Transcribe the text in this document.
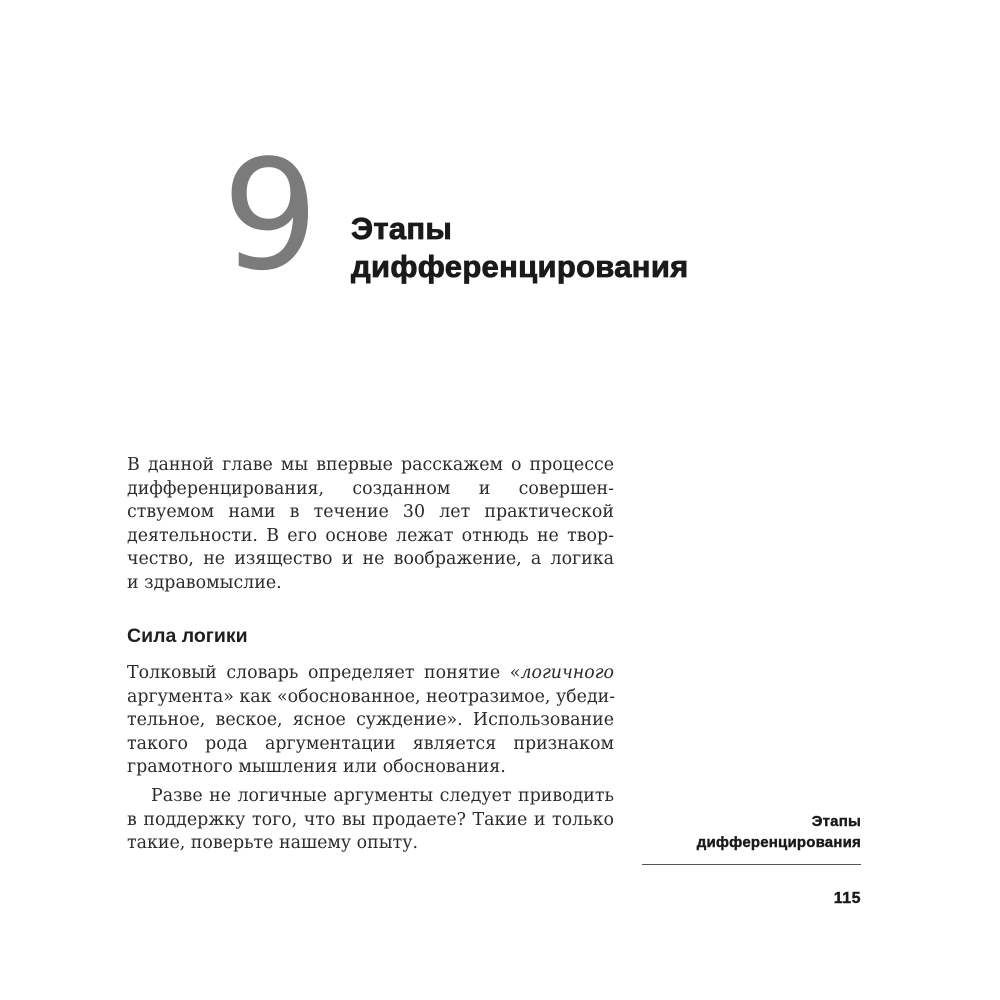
9 Этапы
дифференцирования
В данной главе мы впервые расскажем о процессе
дифференцирования, созданном и совершен-
ствуемом нами в течение 30 лет практической
деятельности. В его основе лежат отнюдь не твор-
чество, не изящество и не воображение, а логика
и здравомыслие.
Сила логики
Толковый словарь определяет понятие «логичного
аргумента» как «обоснованное, неотразимое, убеди-
тельное, веское, ясное суждение». Использование
такого рода аргументации является признаком
грамотного мышления или обоснования.
Разве не логичные аргументы следует приводить
в поддержку того, что вы продаете? Такие и только
такие, поверьте нашему опыту.
Этапы
дифференцирования
115
